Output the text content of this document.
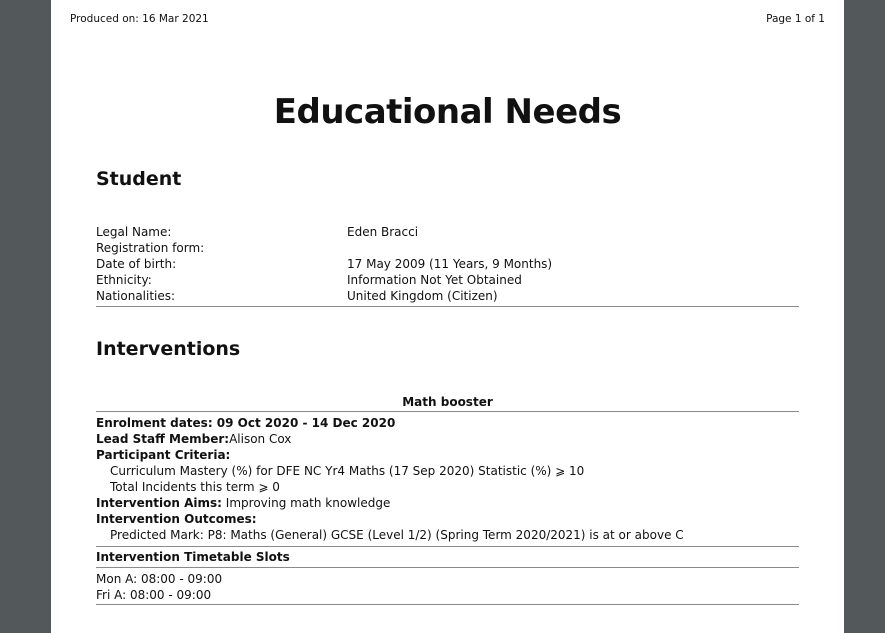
Produced on: 16 Mar 2021	Page 1 of 1
Educational Needs
Student
Legal Name:	Eden Bracci
Registration form:
Date of birth:	17 May 2009 (11 Years, 9 Months)
Ethnicity:	Information Not Yet Obtained
Nationalities:	United Kingdom (Citizen)
Interventions
Math booster
Enrolment dates: 09 Oct 2020 - 14 Dec 2020
Lead Staff Member:Alison Cox
Participant Criteria:
Curriculum Mastery (%) for DFE NC Yr4 Maths (17 Sep 2020) Statistic (%) ⩾ 10
Total Incidents this term ⩾ 0
Intervention Aims: Improving math knowledge
Intervention Outcomes:
Predicted Mark: P8: Maths (General) GCSE (Level 1/2) (Spring Term 2020/2021) is at or above C
Intervention Timetable Slots
Mon A: 08:00 - 09:00
Fri A: 08:00 - 09:00
